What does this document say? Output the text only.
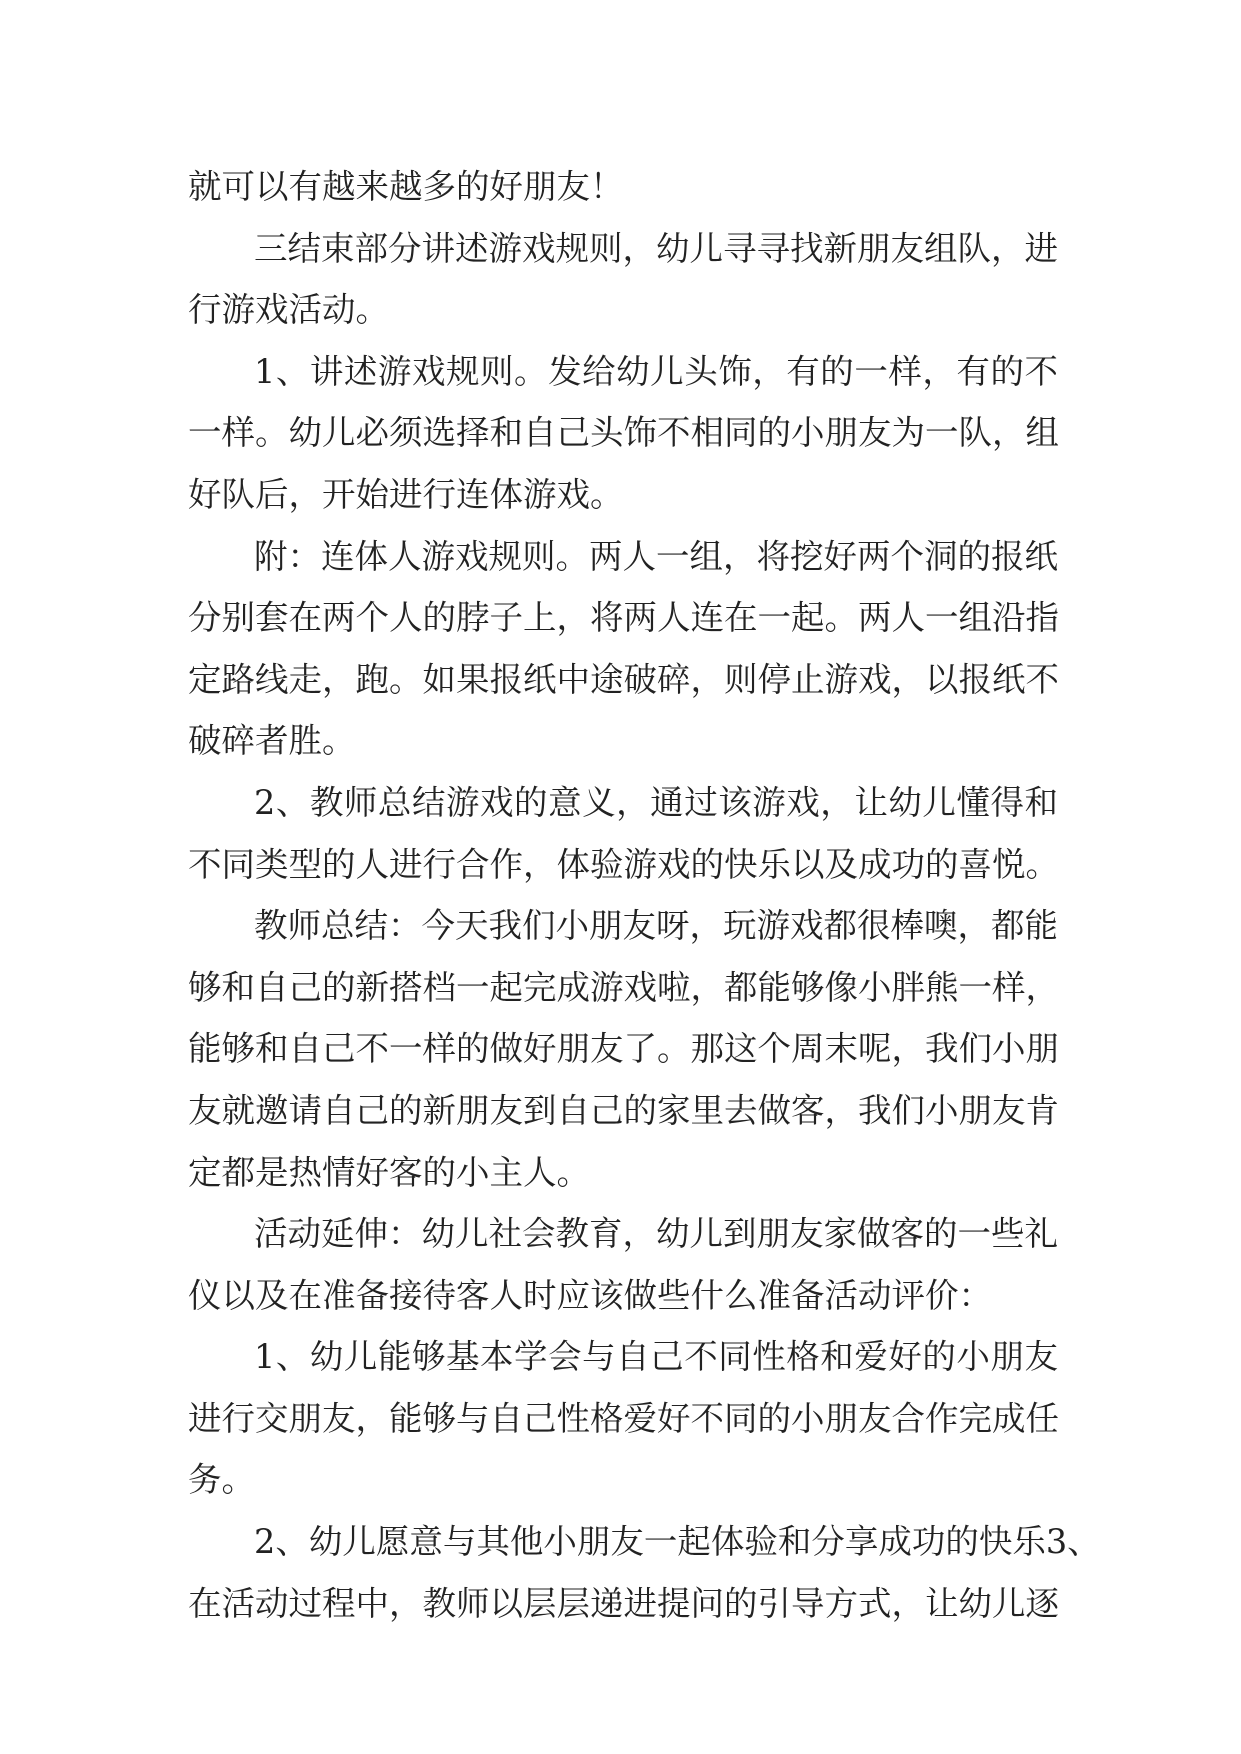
就可以有越来越多的好朋友！
三结束部分讲述游戏规则，幼儿寻寻找新朋友组队，进
行游戏活动。
1、讲述游戏规则。发给幼儿头饰，有的一样，有的不
一样。幼儿必须选择和自己头饰不相同的小朋友为一队，组
好队后，开始进行连体游戏。
附：连体人游戏规则。两人一组，将挖好两个洞的报纸
分别套在两个人的脖子上，将两人连在一起。两人一组沿指
定路线走，跑。如果报纸中途破碎，则停止游戏，以报纸不
破碎者胜。
2、教师总结游戏的意义，通过该游戏，让幼儿懂得和
不同类型的人进行合作，体验游戏的快乐以及成功的喜悦。
教师总结：今天我们小朋友呀，玩游戏都很棒噢，都能
够和自己的新搭档一起完成游戏啦，都能够像小胖熊一样，
能够和自己不一样的做好朋友了。那这个周末呢，我们小朋
友就邀请自己的新朋友到自己的家里去做客，我们小朋友肯
定都是热情好客的小主人。
活动延伸：幼儿社会教育，幼儿到朋友家做客的一些礼
仪以及在准备接待客人时应该做些什么准备活动评价：
1、幼儿能够基本学会与自己不同性格和爱好的小朋友
进行交朋友，能够与自己性格爱好不同的小朋友合作完成任
务。
2、幼儿愿意与其他小朋友一起体验和分享成功的快乐3、
在活动过程中，教师以层层递进提问的引导方式，让幼儿逐
